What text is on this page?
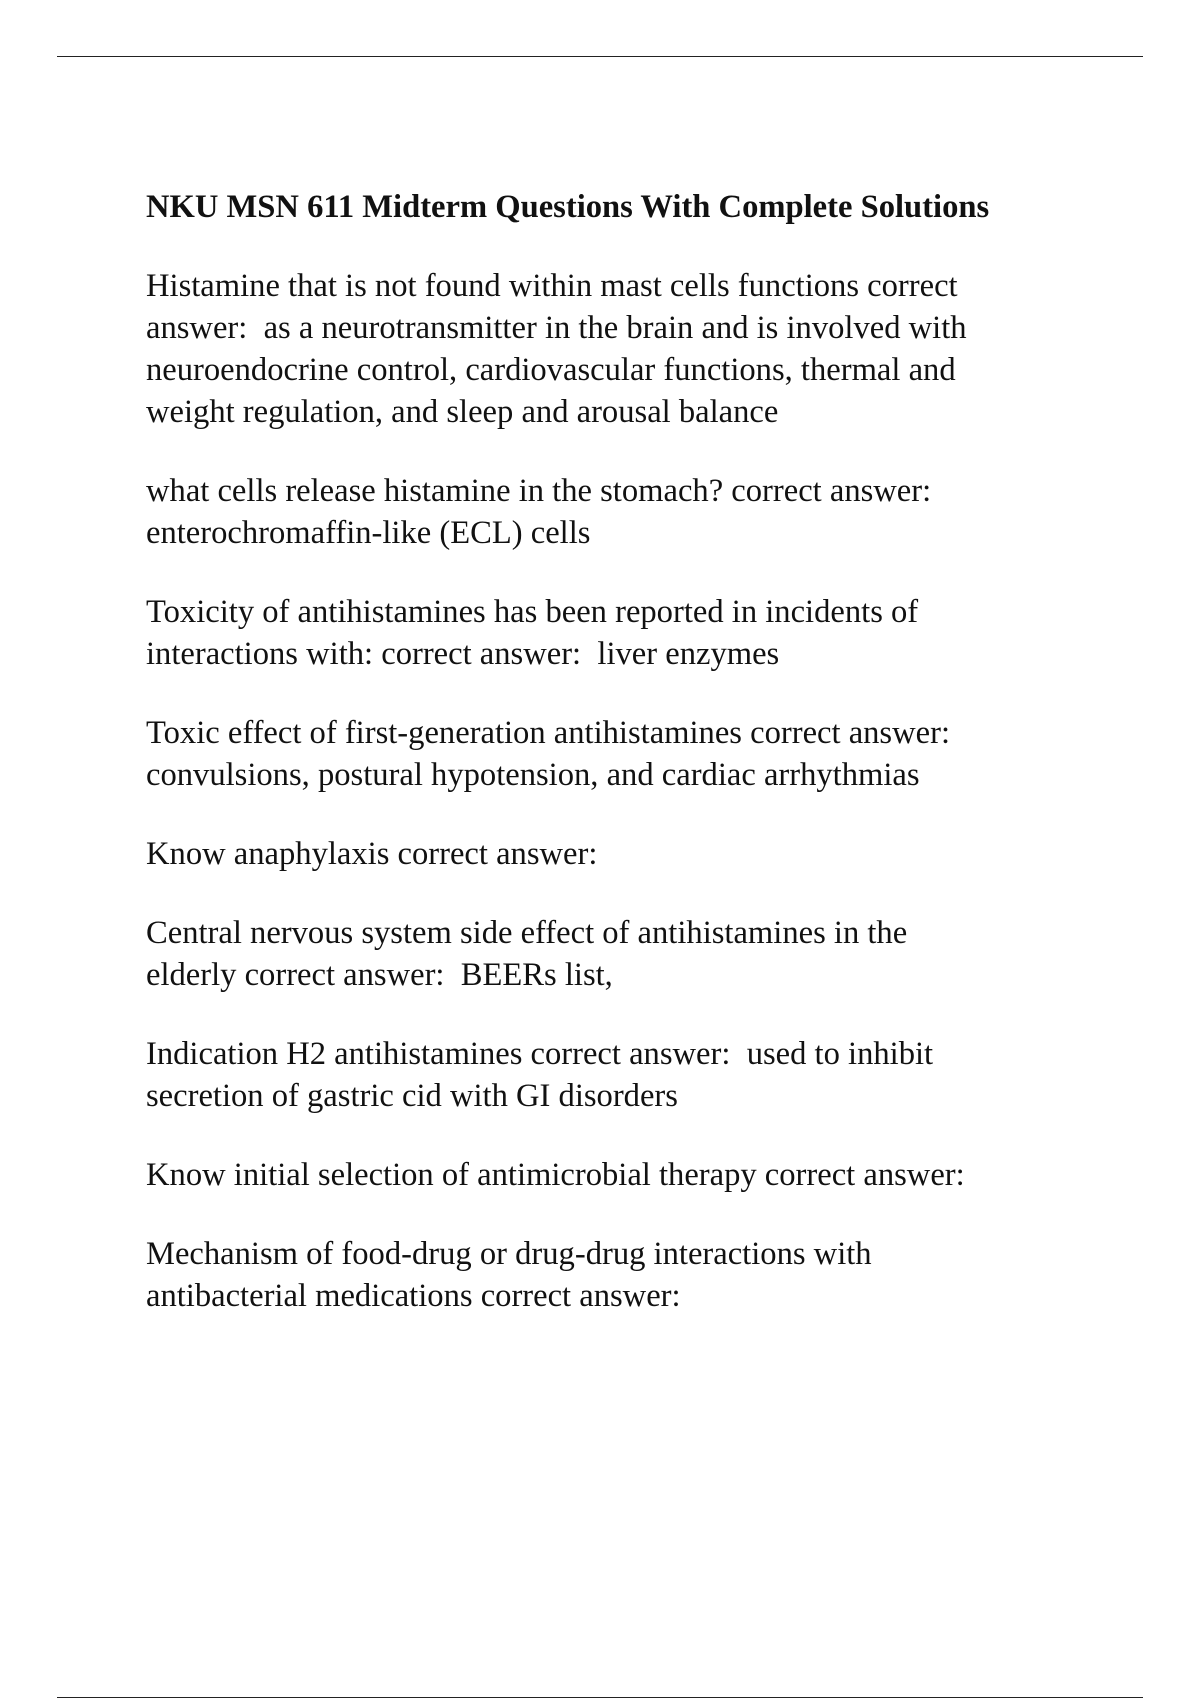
NKU MSN 611 Midterm Questions With Complete Solutions

Histamine that is not found within mast cells functions correct
answer:  as a neurotransmitter in the brain and is involved with
neuroendocrine control, cardiovascular functions, thermal and
weight regulation, and sleep and arousal balance

what cells release histamine in the stomach? correct answer:
enterochromaffin-like (ECL) cells

Toxicity of antihistamines has been reported in incidents of
interactions with: correct answer:  liver enzymes

Toxic effect of first-generation antihistamines correct answer:
convulsions, postural hypotension, and cardiac arrhythmias

Know anaphylaxis correct answer:

Central nervous system side effect of antihistamines in the
elderly correct answer:  BEERs list,

Indication H2 antihistamines correct answer:  used to inhibit
secretion of gastric cid with GI disorders

Know initial selection of antimicrobial therapy correct answer:

Mechanism of food-drug or drug-drug interactions with
antibacterial medications correct answer:
